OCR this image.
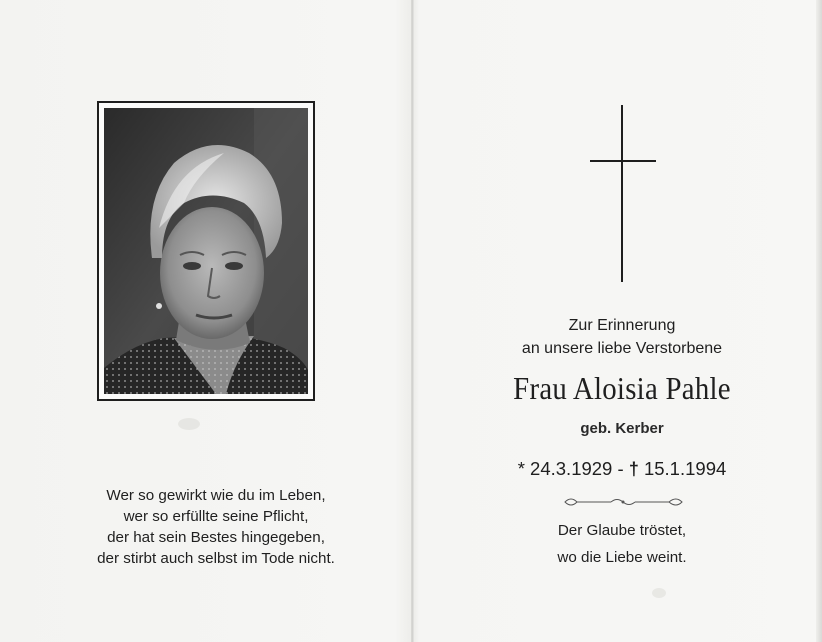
Wer so gewirkt wie du im Leben,
wer so erfüllte seine Pflicht,
der hat sein Bestes hingegeben,
der stirbt auch selbst im Tode nicht.
Zur Erinnerung
an unsere liebe Verstorbene
Frau Aloisia Pahle
geb. Kerber
* 24.3.1929 - † 15.1.1994
Der Glaube tröstet,
wo die Liebe weint.
